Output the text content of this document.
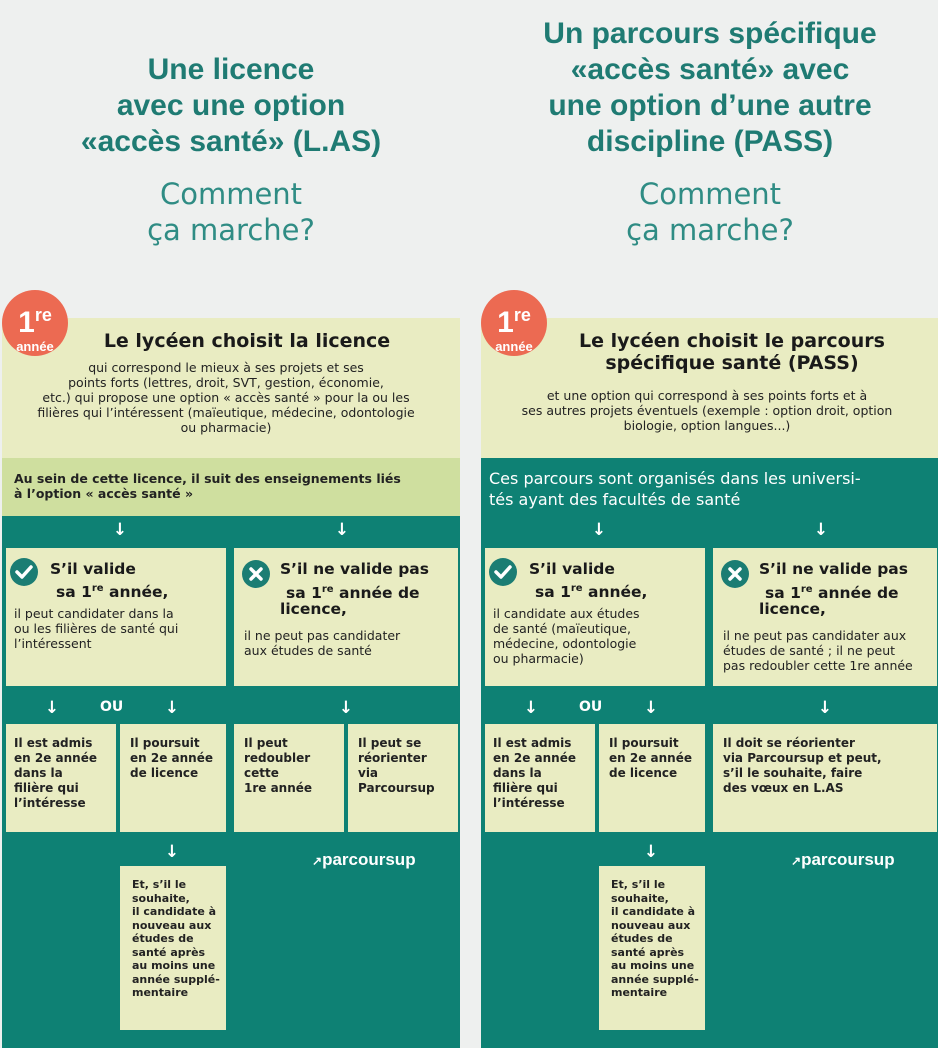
Une licence
avec une option
«accès santé» (L.AS)
Comment
ça marche?
Le lycéen choisit la licence
qui correspond le mieux à ses projets et ses
points forts (lettres, droit, SVT, gestion, économie,
etc.) qui propose une option « accès santé » pour la ou les
filières qui l’intéressent (maïeutique, médecine, odontologie
ou pharmacie)
1re
année
Au sein de cette licence, il suit des enseignements liés
à l’option « accès santé »
↓	↓
S’il valide
sa 1re année,
il peut candidater dans la
ou les filières de santé qui
l’intéressent
S’il ne valide pas
sa 1re année de
licence,
il ne peut pas candidater
aux études de santé
↓	OU ↓	↓
Il est admis
en 2e année
dans la
filière qui
l’intéresse
Il poursuit
en 2e année
de licence
Il peut
redoubler
cette
1re année
Il peut se
réorienter
via
Parcoursup
↓	↗parcoursup
Et, s’il le
souhaite,
il candidate à
nouveau aux
études de
santé après
au moins une
année supplé-
mentaire
Un parcours spécifique
«accès santé» avec
une option d’une autre
discipline (PASS)
Comment
ça marche?
Le lycéen choisit le parcours
spécifique santé (PASS)
et une option qui correspond à ses points forts et à
ses autres projets éventuels (exemple : option droit, option
biologie, option langues...)
1re
année
Ces parcours sont organisés dans les universi-
tés ayant des facultés de santé
↓	↓
S’il valide
sa 1re année,
il candidate aux études
de santé (maïeutique,
médecine, odontologie
ou pharmacie)
S’il ne valide pas
sa 1re année de
licence,
il ne peut pas candidater aux
études de santé ; il ne peut
pas redoubler cette 1re année
↓	OU ↓	↓
Il est admis
en 2e année
dans la
filière qui
l’intéresse
Il poursuit
en 2e année
de licence
Il doit se réorienter
via Parcoursup et peut,
s’il le souhaite, faire
des vœux en L.AS
↓	↗parcoursup
Et, s’il le
souhaite,
il candidate à
nouveau aux
études de
santé après
au moins une
année supplé-
mentaire
